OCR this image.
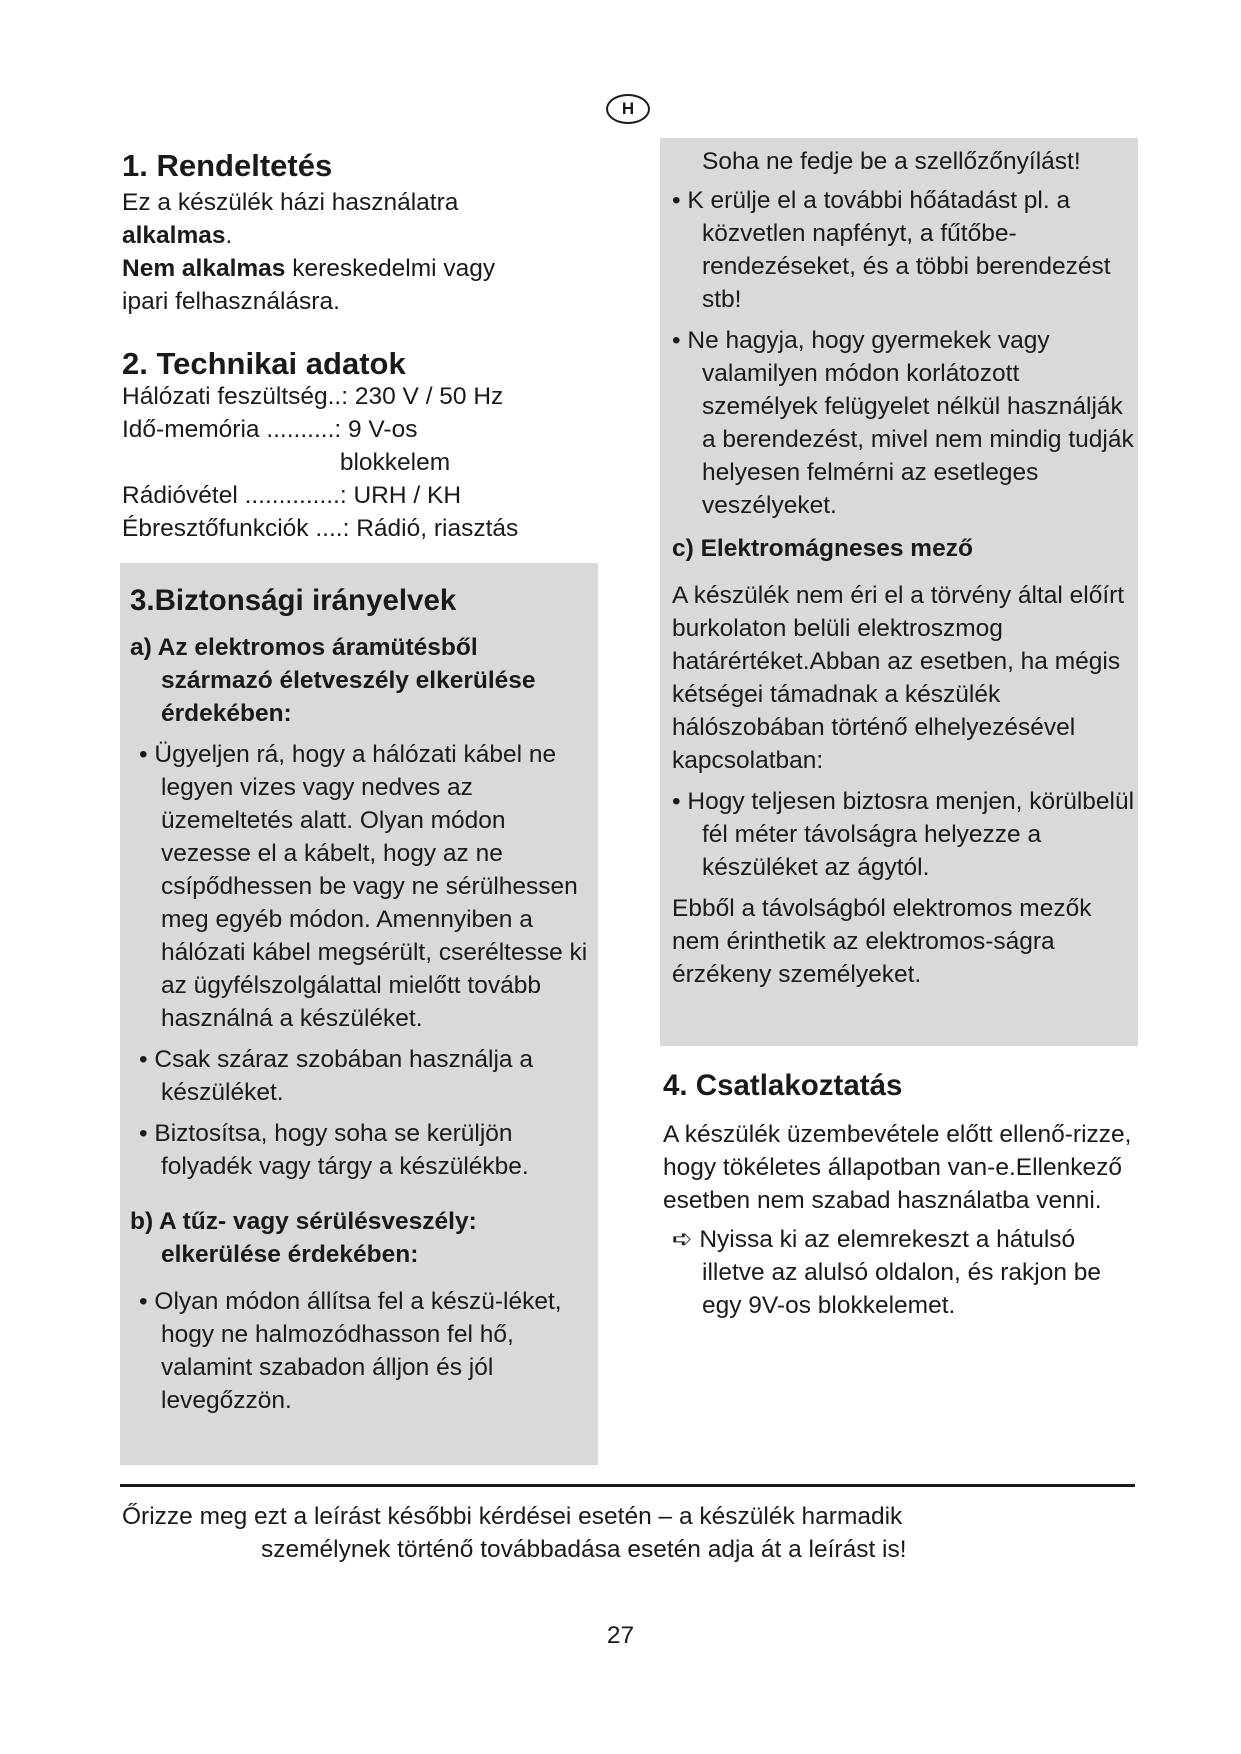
H
1. Rendeltetés

Ez a készülék házi használatra

alkalmas.

Nem alkalmas kereskedelmi vagy

ipari felhasználásra.

2. Technikai adatok

Hálózati feszültség..: 230 V / 50 Hz

Idő-memória ..........: 9 V-os

blokkelem

Rádióvétel ..............: URH / KH

Ébresztőfunkciók ....: Rádió, riasztás

3.Biztonsági irányelvek

a) Az elektromos áramütésből származó életveszély elkerülése érdekében:

• Ügyeljen rá, hogy a hálózati kábel ne legyen vizes vagy nedves az üzemeltetés alatt. Olyan módon vezesse el a kábelt, hogy az ne csípődhessen be vagy ne sérülhessen meg egyéb módon. Amennyiben a hálózati kábel megsérült, cseréltesse ki az ügyfélszolgálattal mielőtt tovább használná a készüléket.

• Csak száraz szobában használja a készüléket.

• Biztosítsa, hogy soha se kerüljön folyadék vagy tárgy a készülékbe.

b) A tűz- vagy sérülésveszély: elkerülése érdekében:

• Olyan módon állítsa fel a készü-léket, hogy ne halmozódhasson fel hő, valamint szabadon álljon és jól levegőzzön.

Soha ne fedje be a szellőzőnyílást!

• K erülje el a további hőátadást pl. a közvetlen napfényt, a fűtőbe-rendezéseket, és a többi berendezést stb!

• Ne hagyja, hogy gyermekek vagy valamilyen módon korlátozott személyek felügyelet nélkül használják a berendezést, mivel nem mindig tudják helyesen felmérni az esetleges veszélyeket.

c) Elektromágneses mező

A készülék nem éri el a törvény által előírt burkolaton belüli elektroszmog határértéket.Abban az esetben, ha mégis kétségei támadnak a készülék hálószobában történő elhelyezésével kapcsolatban:

• Hogy teljesen biztosra menjen, körülbelül fél méter távolságra helyezze a készüléket az ágytól.

Ebből a távolságból elektromos mezők nem érinthetik az elektromos-ságra érzékeny személyeket.

4. Csatlakoztatás

A készülék üzembevétele előtt ellenő-rizze, hogy tökéletes állapotban van-e.Ellenkező esetben nem szabad használatba venni.

➪ Nyissa ki az elemrekeszt a hátulsó illetve az alulsó oldalon, és rakjon be egy 9V-os blokkelemet.

Őrizze meg ezt a leírást későbbi kérdései esetén – a készülék harmadik
személynek történő továbbadása esetén adja át a leírást is!
27
